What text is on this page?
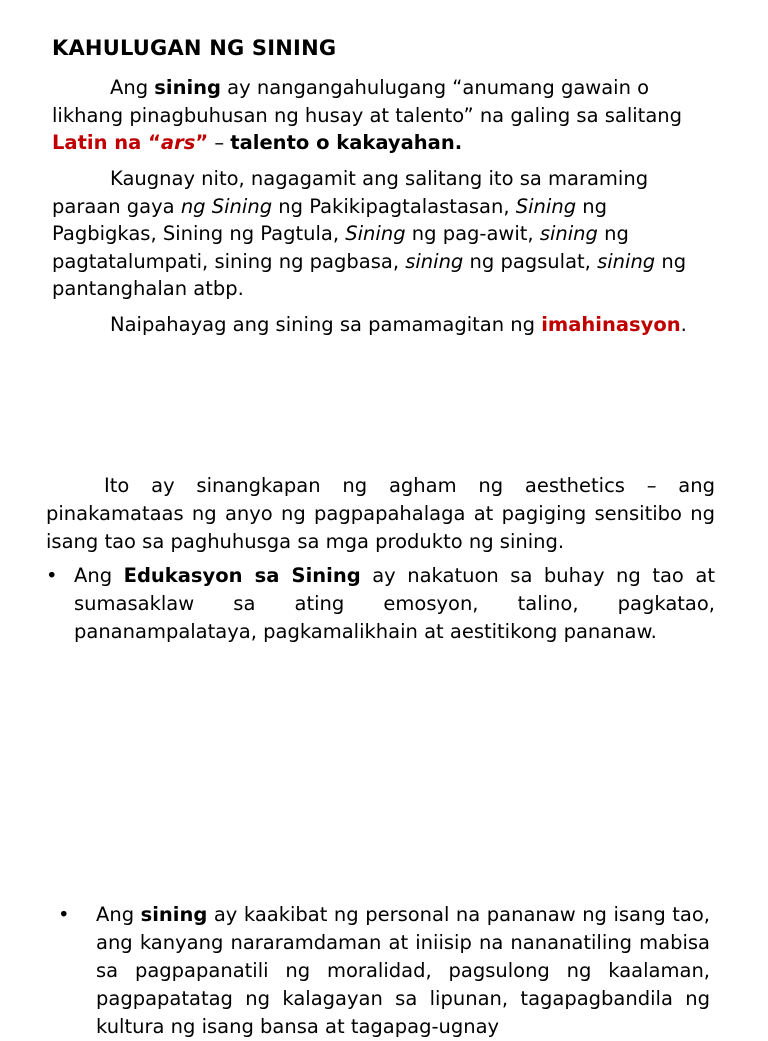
KAHULUGAN NG SINING

Ang sining ay nangangahulugang “anumang gawain o likhang pinagbuhusan ng husay at talento” na galing sa salitang Latin na “ars” – talento o kakayahan.

Kaugnay nito, nagagamit ang salitang ito sa maraming paraan gaya ng Sining ng Pakikipagtalastasan, Sining ng Pagbigkas, Sining ng Pagtula, Sining ng pag-awit, sining ng pagtatalumpati, sining ng pagbasa, sining ng pagsulat, sining ng pantanghalan atbp.

Naipahayag ang sining sa pamamagitan ng imahinasyon.

Ito ay sinangkapan ng agham ng aesthetics – ang pinakamataas ng anyo ng pagpapahalaga at pagiging sensitibo ng isang tao sa paghuhusga sa mga produkto ng sining.

• Ang Edukasyon sa Sining ay nakatuon sa buhay ng tao at sumasaklaw sa ating emosyon, talino, pagkatao, pananampalataya, pagkamalikhain at aestitikong pananaw.
•	Ang sining ay kaakibat ng personal na pananaw ng isang tao, ang kanyang nararamdaman at iniisip na nananatiling mabisa sa pagpapanatili ng moralidad, pagsulong ng kaalaman, pagpapatatag ng kalagayan sa lipunan, tagapagbandila ng kultura ng isang bansa at tagapag-ugnay
